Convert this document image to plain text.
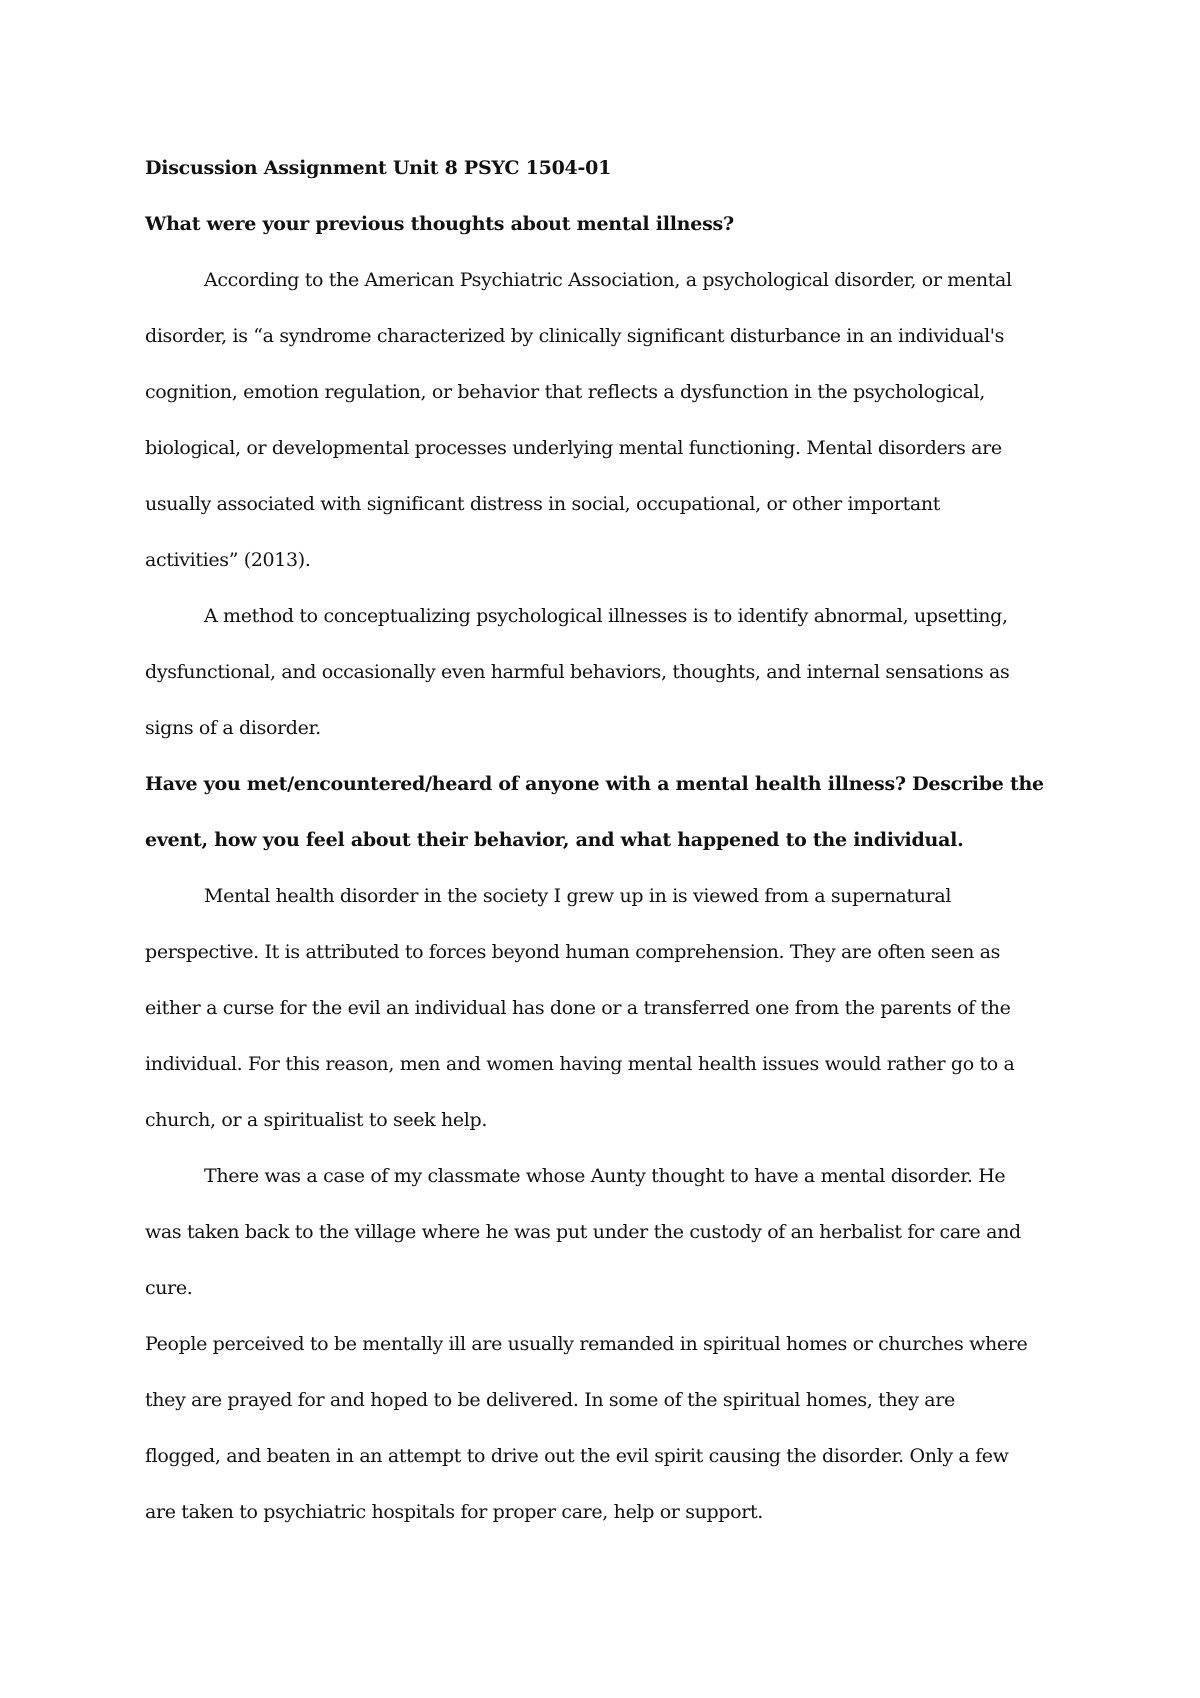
Discussion Assignment Unit 8 PSYC 1504-01
What were your previous thoughts about mental illness?
According to the American Psychiatric Association, a psychological disorder, or mental
disorder, is “a syndrome characterized by clinically significant disturbance in an individual's
cognition, emotion regulation, or behavior that reflects a dysfunction in the psychological,
biological, or developmental processes underlying mental functioning. Mental disorders are
usually associated with significant distress in social, occupational, or other important
activities” (2013).
A method to conceptualizing psychological illnesses is to identify abnormal, upsetting,
dysfunctional, and occasionally even harmful behaviors, thoughts, and internal sensations as
signs of a disorder.
Have you met/encountered/heard of anyone with a mental health illness? Describe the
event, how you feel about their behavior, and what happened to the individual.
Mental health disorder in the society I grew up in is viewed from a supernatural
perspective. It is attributed to forces beyond human comprehension. They are often seen as
either a curse for the evil an individual has done or a transferred one from the parents of the
individual. For this reason, men and women having mental health issues would rather go to a
church, or a spiritualist to seek help.
There was a case of my classmate whose Aunty thought to have a mental disorder. He
was taken back to the village where he was put under the custody of an herbalist for care and
cure.
People perceived to be mentally ill are usually remanded in spiritual homes or churches where
they are prayed for and hoped to be delivered. In some of the spiritual homes, they are
flogged, and beaten in an attempt to drive out the evil spirit causing the disorder. Only a few
are taken to psychiatric hospitals for proper care, help or support.
